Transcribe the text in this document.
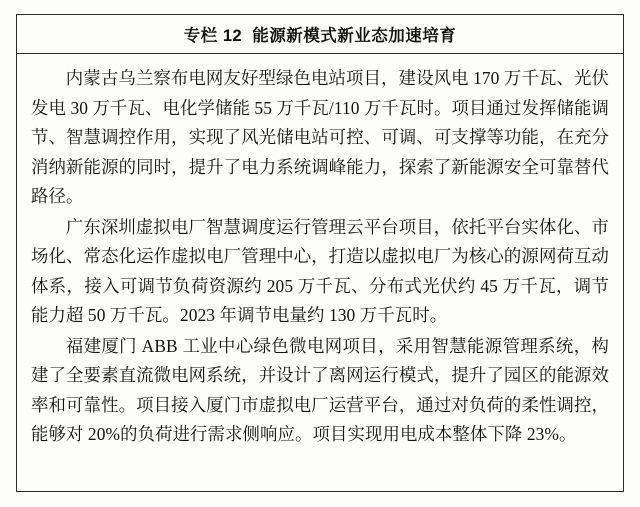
专栏 12 能源新模式新业态加速培育

内蒙古乌兰察布电网友好型绿色电站项目，建设风电 170 万千瓦、光伏发电 30 万千瓦、电化学储能 55 万千瓦/110 万千瓦时。项目通过发挥储能调节、智慧调控作用，实现了风光储电站可控、可调、可支撑等功能，在充分消纳新能源的同时，提升了电力系统调峰能力，探索了新能源安全可靠替代路径。

广东深圳虚拟电厂智慧调度运行管理云平台项目，依托平台实体化、市场化、常态化运作虚拟电厂管理中心，打造以虚拟电厂为核心的源网荷互动体系，接入可调节负荷资源约 205 万千瓦、分布式光伏约 45 万千瓦，调节能力超 50 万千瓦。2023 年调节电量约 130 万千瓦时。

福建厦门 ABB 工业中心绿色微电网项目，采用智慧能源管理系统，构建了全要素直流微电网系统，并设计了离网运行模式，提升了园区的能源效率和可靠性。项目接入厦门市虚拟电厂运营平台，通过对负荷的柔性调控，能够对 20%的负荷进行需求侧响应。项目实现用电成本整体下降 23%。
